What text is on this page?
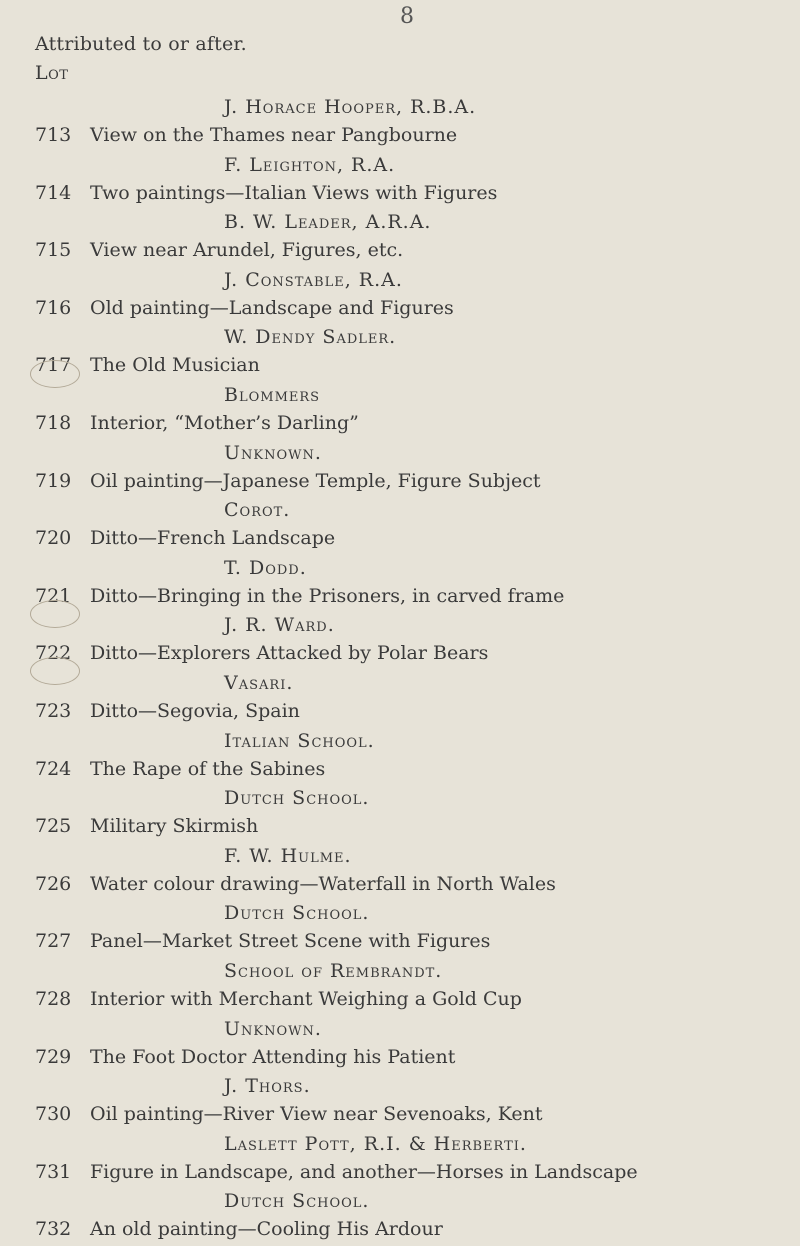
8
Attributed to or after.
Lot
J. Horace Hooper, R.B.A.
713 View on the Thames near Pangbourne
F. Leighton, R.A.
714 Two paintings—Italian Views with Figures
B. W. Leader, A.R.A.
715 View near Arundel, Figures, etc.
J. Constable, R.A.
716 Old painting—Landscape and Figures
W. Dendy Sadler.
717 The Old Musician
Blommers
718 Interior, “Mother’s Darling”
Unknown.
719 Oil painting—Japanese Temple, Figure Subject
Corot.
720 Ditto—French Landscape
T. Dodd.
721 Ditto—Bringing in the Prisoners, in carved frame
J. R. Ward.
722 Ditto—Explorers Attacked by Polar Bears
Vasari.
723 Ditto—Segovia, Spain
Italian School.
724 The Rape of the Sabines
Dutch School.
725 Military Skirmish
F. W. Hulme.
726 Water colour drawing—Waterfall in North Wales
Dutch School.
727 Panel—Market Street Scene with Figures
School of Rembrandt.
728 Interior with Merchant Weighing a Gold Cup
Unknown.
729 The Foot Doctor Attending his Patient
J. Thors.
730 Oil painting—River View near Sevenoaks, Kent
Laslett Pott, R.I. & Herberti.
731 Figure in Landscape, and another—Horses in Landscape
Dutch School.
732 An old painting—Cooling His Ardour
